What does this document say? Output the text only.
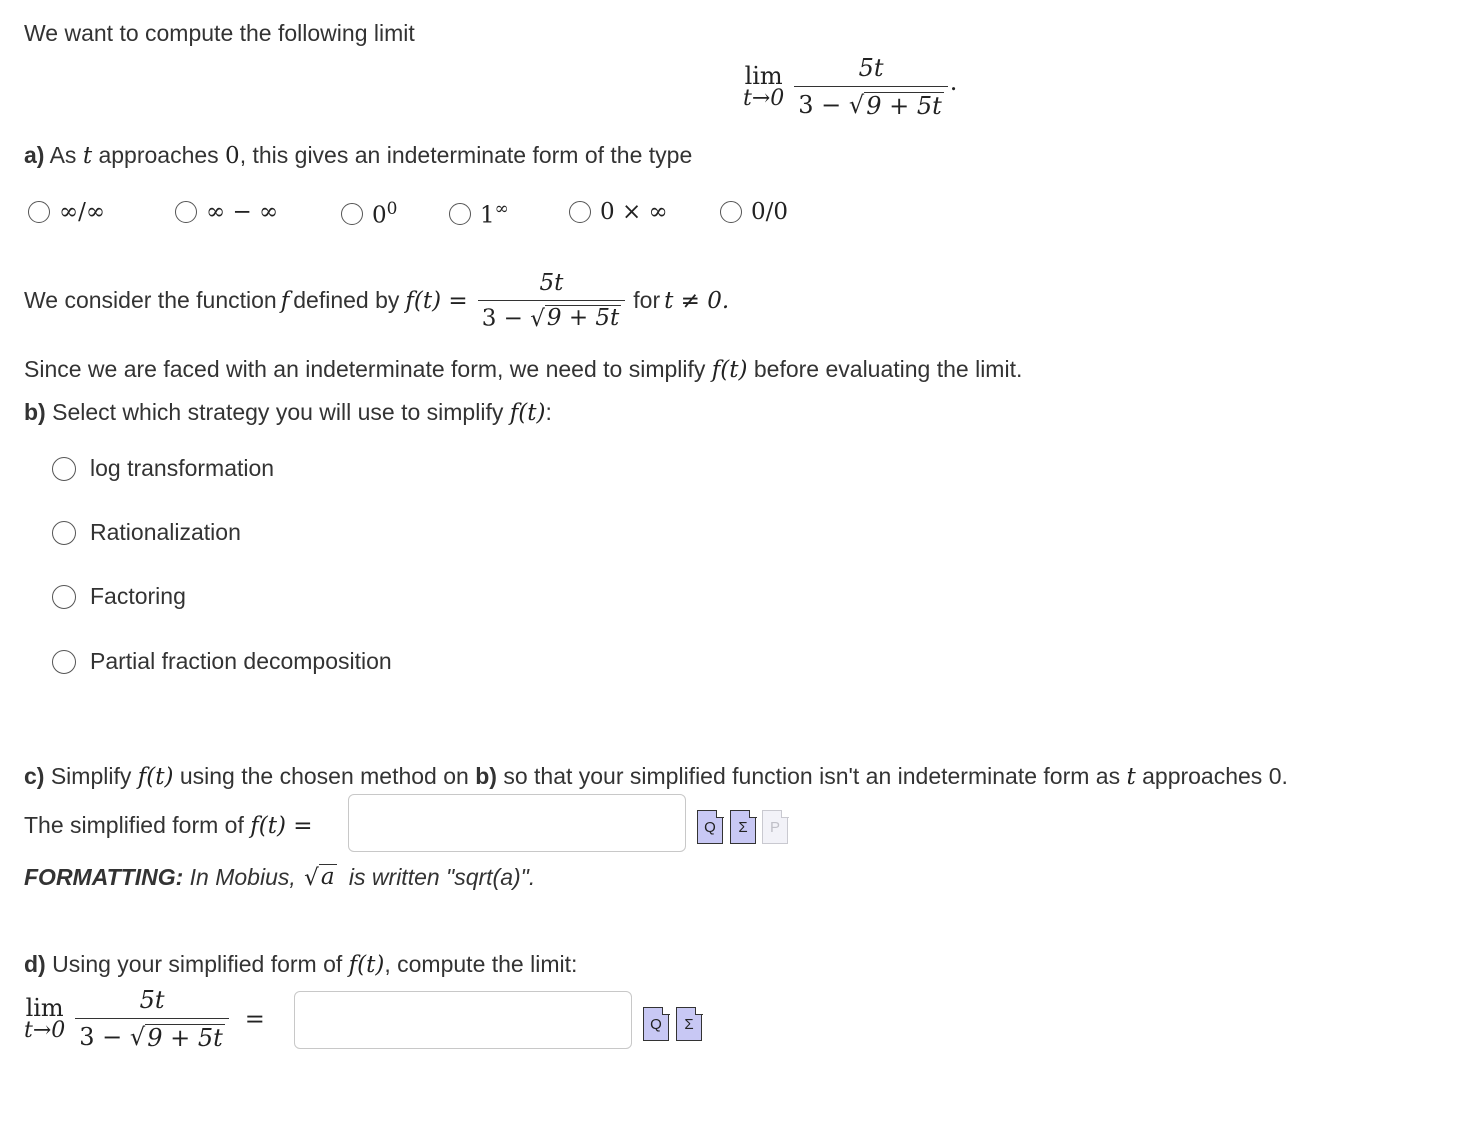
We want to compute the following limit
lim
$t\to 0 \frac{5t}{3 - √ 9 + 5t}$ .
a) As t approaches 0, this gives an indeterminate form of the type
∞/∞	∞ − ∞	$0^0$	1∞	0 × ∞	0/0
We consider the function f defined by $f(t) = \frac{5t}{3 - √ 9 + 5t}$ for t ≠ 0.
Since we are faced with an indeterminate form, we need to simplify f(t) before evaluating the limit.
b) Select which strategy you will use to simplify f(t):
log transformation
Rationalization
Factoring
Partial fraction decomposition
c) Simplify f(t) using the chosen method on b) so that your simplified function isn't an indeterminate form as t approaches 0.
The simplified form of f(t) =	Q Σ P
FORMATTING: In Mobius, √ a is written "sqrt(a)".
d) Using your simplified form of f(t), compute the limit:
lim
$t\to 0 \frac{5t}{3 - √ 9 + 5t}$ =	Q Σ
